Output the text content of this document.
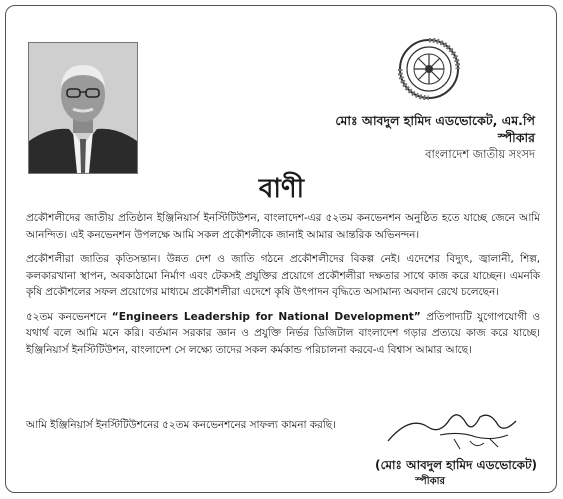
মোঃ আবদুল হামিদ এডভোকেট, এম.পি
স্পীকার
বাংলাদেশ জাতীয় সংসদ
বাণী

প্রকৌশলীদের জাতীয় প্রতিষ্ঠান ইঞ্জিনিয়ার্স ইনস্টিটিউশন, বাংলাদেশ-এর ৫২তম কনভেনশন অনুষ্ঠিত হতে যাচ্ছে জেনে আমি আনন্দিত। এই কনভেনশন উপলক্ষে আমি সকল প্রকৌশলীকে জানাই আমার আন্তরিক অভিনন্দন।

প্রকৌশলীরা জাতির কৃতিসন্তান। উন্নত দেশ ও জাতি গঠনে প্রকৌশলীদের বিকল্প নেই। এদেশের বিদ্যুৎ, জ্বালানী, শিল্প, কলকারখানা স্থাপন, অবকাঠামো নির্মাণ এবং টেকসই প্রযুক্তির প্রয়োগে প্রকৌশলীরা দক্ষতার সাথে কাজ করে যাচ্ছেন। এমনকি কৃষি প্রকৌশলের সফল প্রয়োগের মাধ্যমে প্রকৌশলীরা এদেশে কৃষি উৎপাদন বৃদ্ধিতে অসামান্য অবদান রেখে চলেছেন।

৫২তম কনভেনশনে “Engineers Leadership for National Development” প্রতিপাদ্যটি যুগোপযোগী ও যথার্থ বলে আমি মনে করি। বর্তমান সরকার জ্ঞান ও প্রযুক্তি নির্ভর ডিজিটাল বাংলাদেশ গড়ার প্রত্যয়ে কাজ করে যাচ্ছে। ইঞ্জিনিয়ার্স ইনস্টিটিউশন, বাংলাদেশ সে লক্ষ্যে তাদের সকল কর্মকান্ড পরিচালনা করবে-এ বিশ্বাস আমার আছে।

আমি ইঞ্জিনিয়ার্স ইনস্টিটিউশনের ৫২তম কনভেনশনের সাফল্য কামনা করছি।
(মোঃ আবদুল হামিদ এডভোকেট)
স্পীকার
